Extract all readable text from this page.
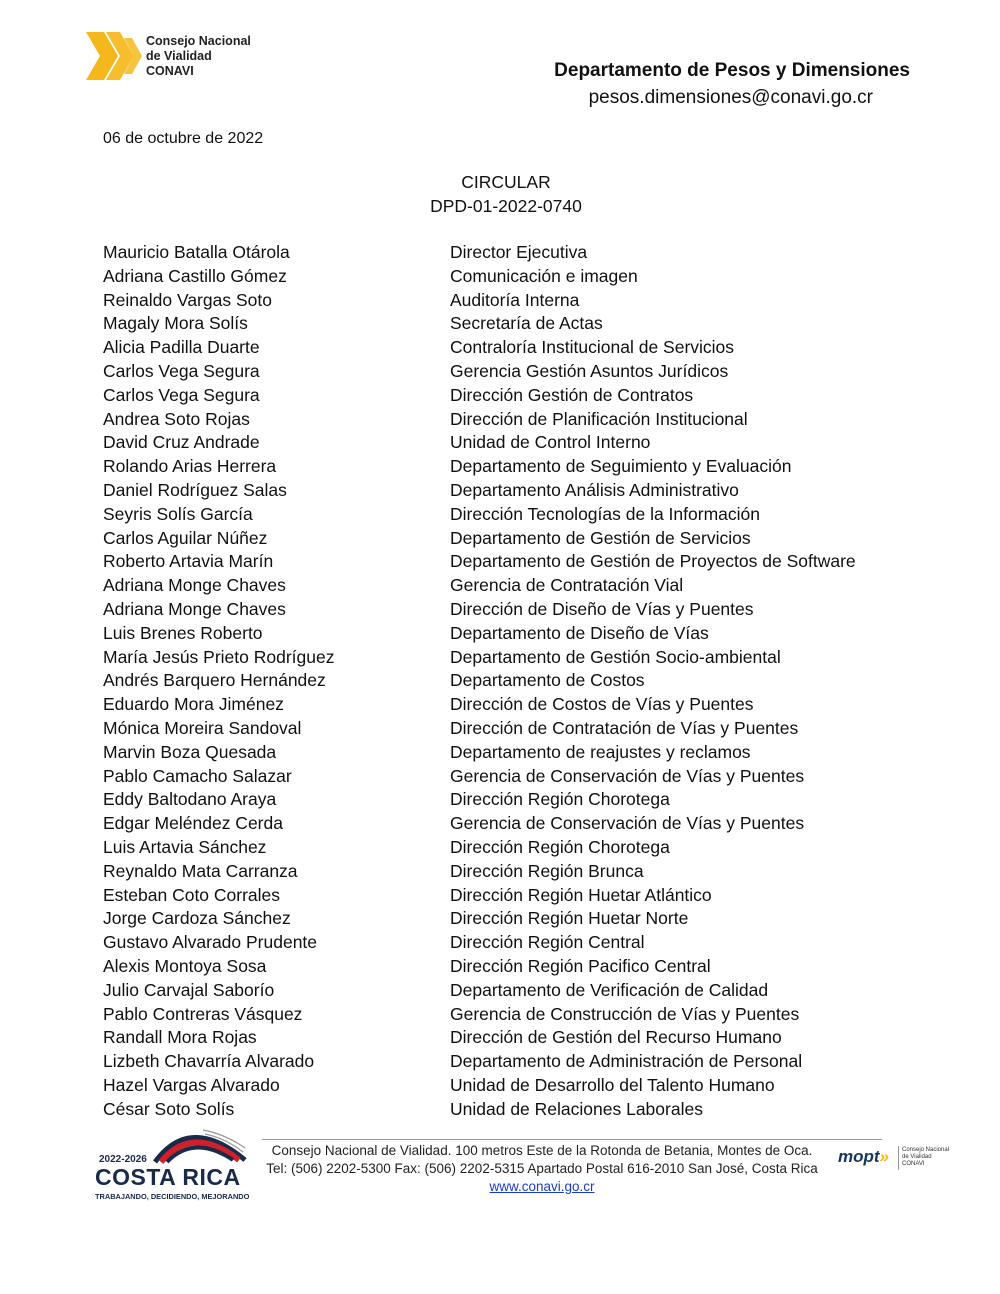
Consejo Nacional
de Vialidad
CONAVI	Departamento de Pesos y Dimensiones
pesos.dimensiones@conavi.go.cr
06 de octubre de 2022
CIRCULAR
DPD-01-2022-0740
Mauricio Batalla Otárola	Director Ejecutiva
Adriana Castillo Gómez	Comunicación e imagen
Reinaldo Vargas Soto	Auditoría Interna
Magaly Mora Solís	Secretaría de Actas
Alicia Padilla Duarte	Contraloría Institucional de Servicios
Carlos Vega Segura	Gerencia Gestión Asuntos Jurídicos
Carlos Vega Segura	Dirección Gestión de Contratos
Andrea Soto Rojas	Dirección de Planificación Institucional
David Cruz Andrade	Unidad de Control Interno
Rolando Arias Herrera	Departamento de Seguimiento y Evaluación
Daniel Rodríguez Salas	Departamento Análisis Administrativo
Seyris Solís García	Dirección Tecnologías de la Información
Carlos Aguilar Núñez	Departamento de Gestión de Servicios
Roberto Artavia Marín	Departamento de Gestión de Proyectos de Software
Adriana Monge Chaves	Gerencia de Contratación Vial
Adriana Monge Chaves	Dirección de Diseño de Vías y Puentes
Luis Brenes Roberto	Departamento de Diseño de Vías
María Jesús Prieto Rodríguez	Departamento de Gestión Socio-ambiental
Andrés Barquero Hernández	Departamento de Costos
Eduardo Mora Jiménez	Dirección de Costos de Vías y Puentes
Mónica Moreira Sandoval	Dirección de Contratación de Vías y Puentes
Marvin Boza Quesada	Departamento de reajustes y reclamos
Pablo Camacho Salazar	Gerencia de Conservación de Vías y Puentes
Eddy Baltodano Araya	Dirección Región Chorotega
Edgar Meléndez Cerda	Gerencia de Conservación de Vías y Puentes
Luis Artavia Sánchez	Dirección Región Chorotega
Reynaldo Mata Carranza	Dirección Región Brunca
Esteban Coto Corrales	Dirección Región Huetar Atlántico
Jorge Cardoza Sánchez	Dirección Región Huetar Norte
Gustavo Alvarado Prudente	Dirección Región Central
Alexis Montoya Sosa	Dirección Región Pacifico Central
Julio Carvajal Saborío	Departamento de Verificación de Calidad
Pablo Contreras Vásquez	Gerencia de Construcción de Vías y Puentes
Randall Mora Rojas	Dirección de Gestión del Recurso Humano
Lizbeth Chavarría Alvarado	Departamento de Administración de Personal
Hazel Vargas Alvarado	Unidad de Desarrollo del Talento Humano
César Soto Solís	Unidad de Relaciones Laborales
2022-2026
COSTA RICA
TRABAJANDO, DECIDIENDO, MEJORANDO
Consejo Nacional de Vialidad. 100 metros Este de la Rotonda de Betania, Montes de Oca.
Tel: (506) 2202-5300 Fax: (506) 2202-5315 Apartado Postal 616-2010 San José, Costa Rica
www.conavi.go.cr
mopt» Consejo Nacional
de Vialidad
CONAVI
